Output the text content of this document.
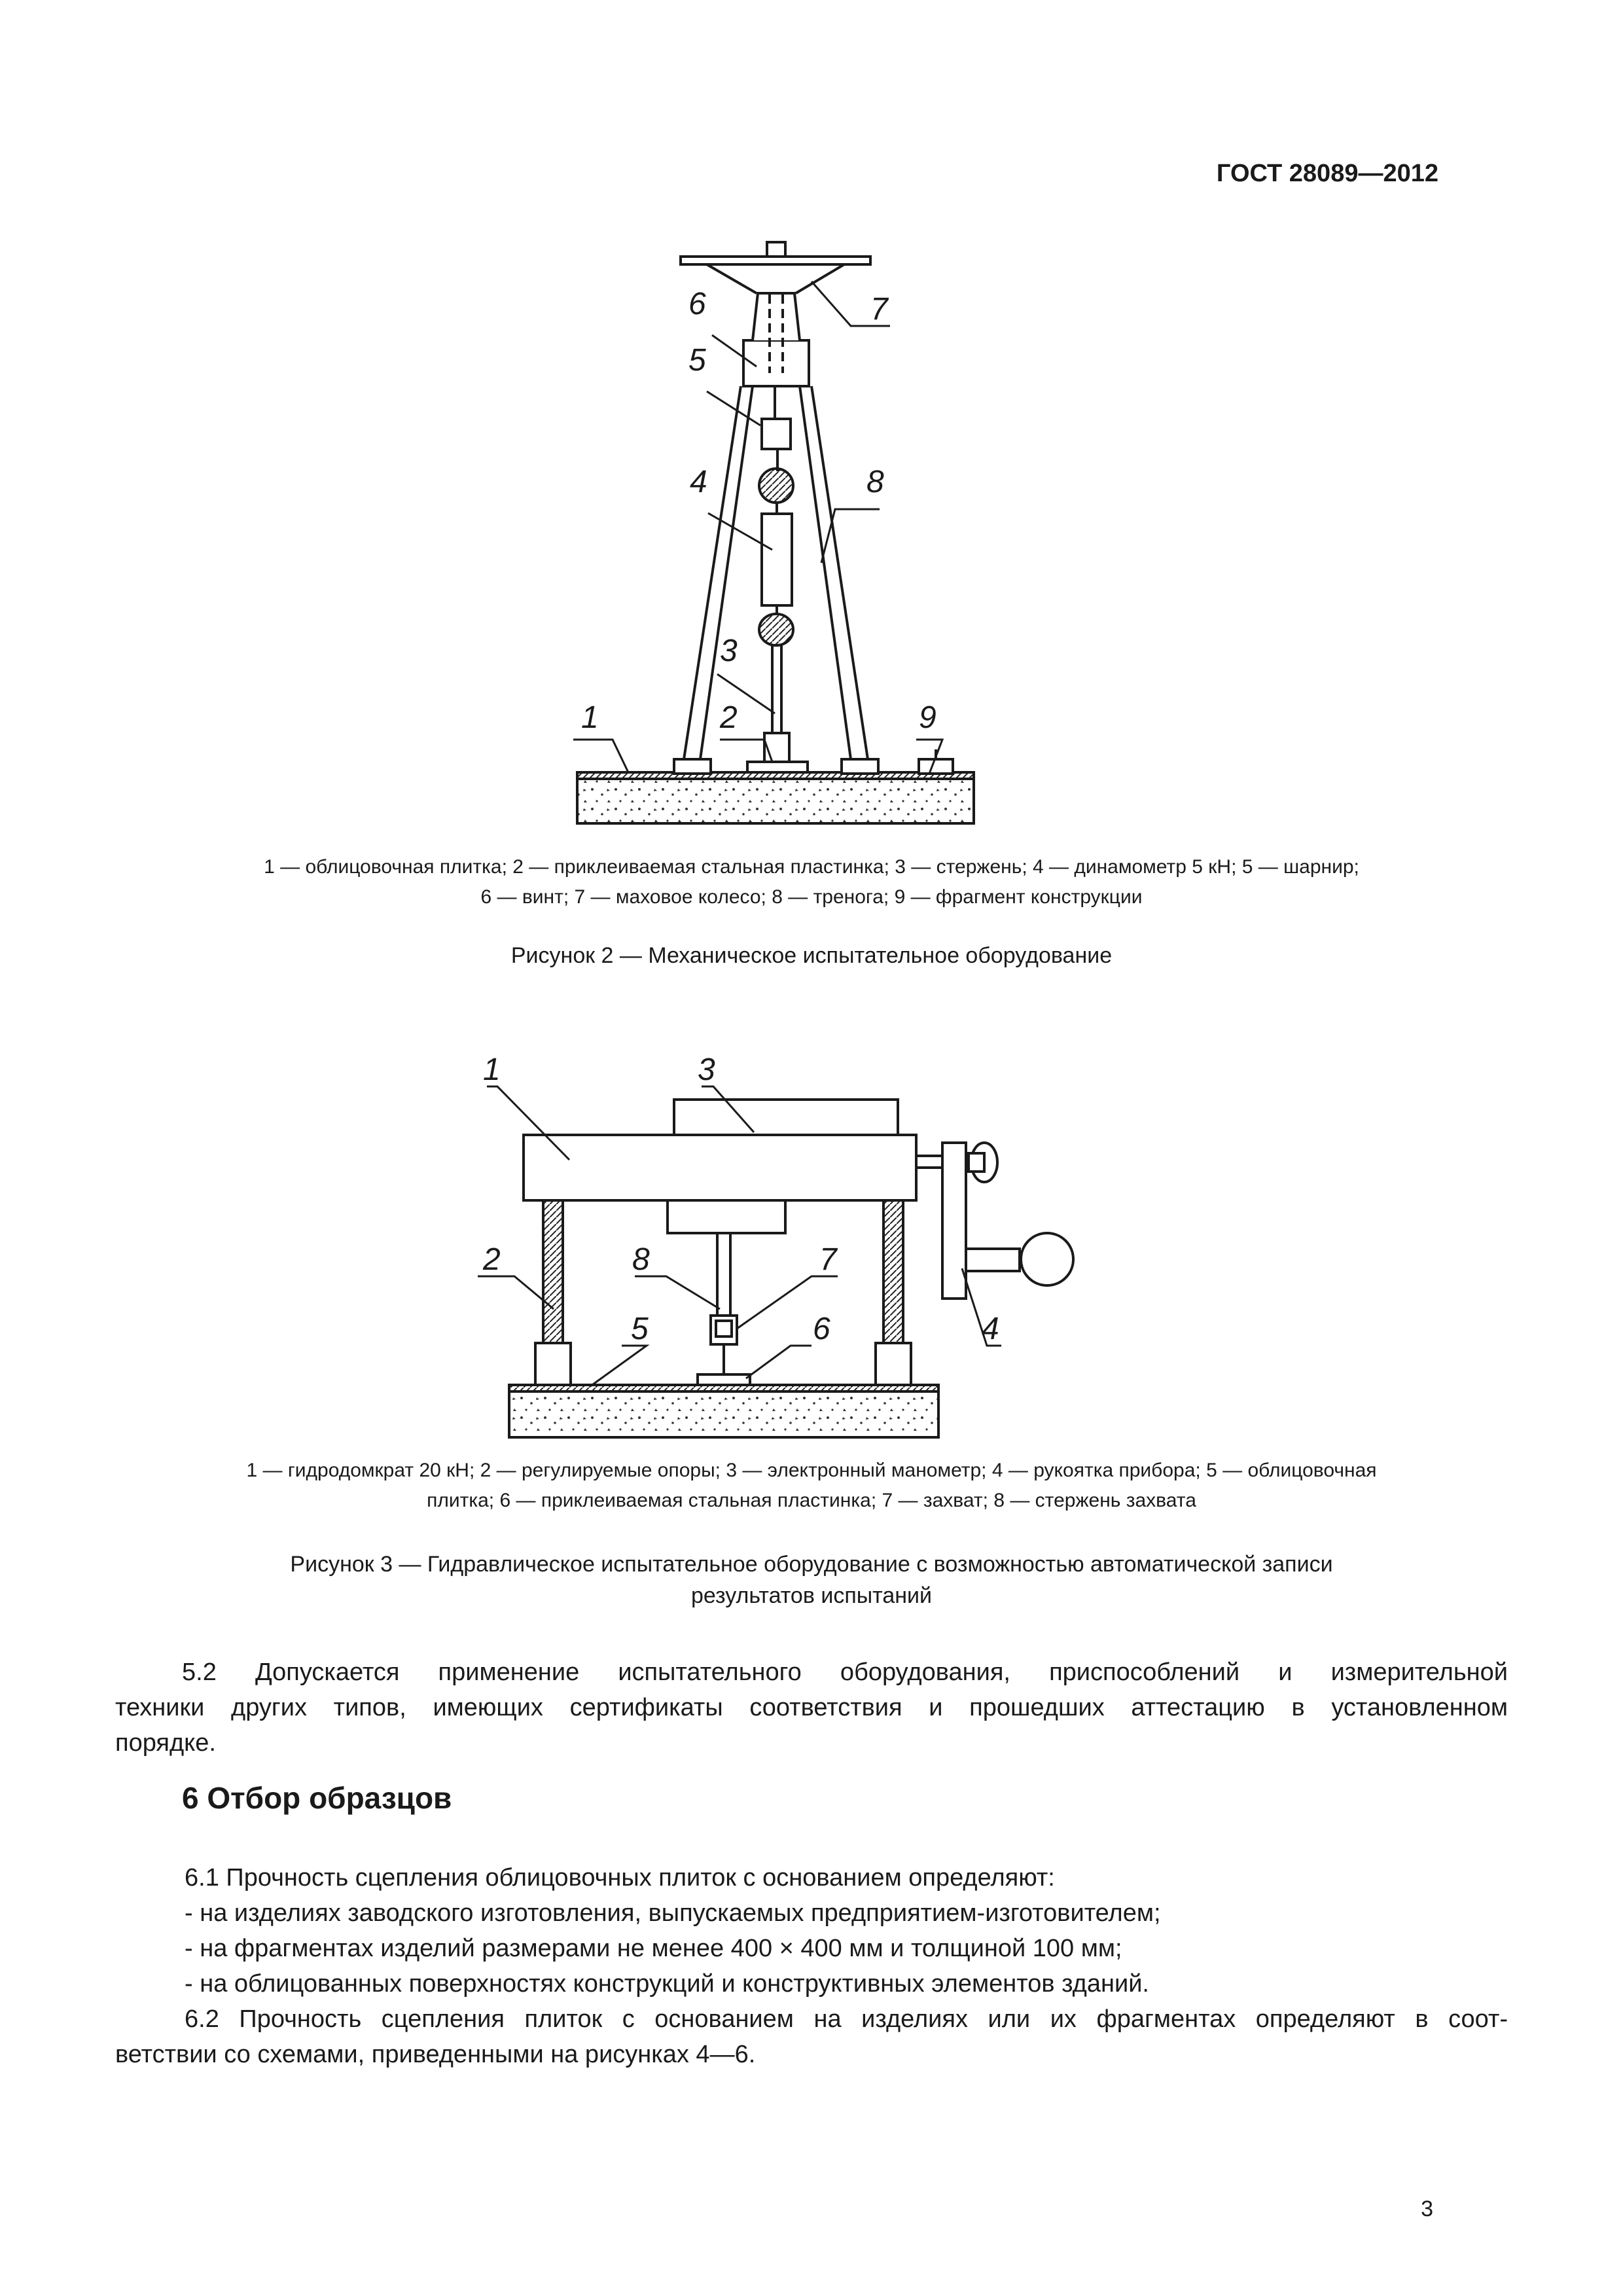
ГОСТ 28089—2012
6	7
5
4	8
3
1	2	9
1 — облицовочная плитка; 2 — приклеиваемая стальная пластинка; 3 — стержень; 4 — динамометр 5 кН; 5 — шарнир;
6 — винт; 7 — маховое колесо; 8 — тренога; 9 — фрагмент конструкции
Рисунок 2 — Механическое испытательное оборудование
1	3
2	8	7
5	6	4
1 — гидродомкрат 20 кН; 2 — регулируемые опоры; 3 — электронный манометр; 4 — рукоятка прибора; 5 — облицовочная
плитка; 6 — приклеиваемая стальная пластинка; 7 — захват; 8 — стержень захвата
Рисунок 3 — Гидравлическое испытательное оборудование с возможностью автоматической записи
результатов испытаний
5.2 Допускается применение испытательного оборудования, приспособлений и измерительной
техники других типов, имеющих сертификаты соответствия и прошедших аттестацию в установленном
порядке.
6 Отбор образцов
6.1 Прочность сцепления облицовочных плиток с основанием определяют:
- на изделиях заводского изготовления, выпускаемых предприятием-изготовителем;
- на фрагментах изделий размерами не менее 400 × 400 мм и толщиной 100 мм;
- на облицованных поверхностях конструкций и конструктивных элементов зданий.
6.2 Прочность сцепления плиток с основанием на изделиях или их фрагментах определяют в соот-
ветствии со схемами, приведенными на рисунках 4—6.
3
